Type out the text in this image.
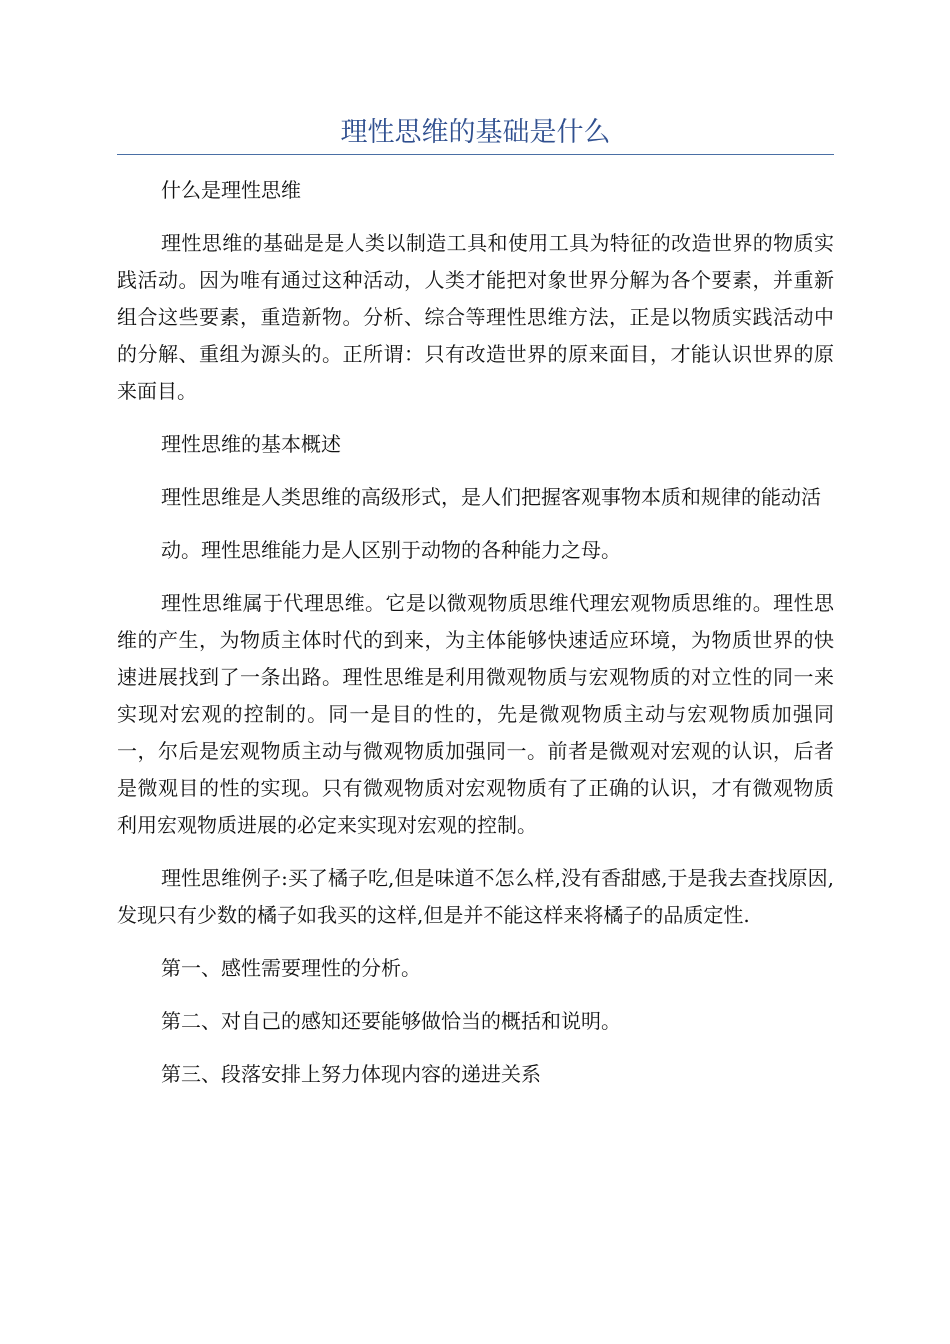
理性思维的基础是什么

什么是理性思维

理性思维的基础是是人类以制造工具和使用工具为特征的改造世界的物质实践活动。因为唯有通过这种活动，人类才能把对象世界分解为各个要素，并重新组合这些要素，重造新物。分析、综合等理性思维方法，正是以物质实践活动中的分解、重组为源头的。正所谓：只有改造世界的原来面目，才能认识世界的原来面目。

理性思维的基本概述

理性思维是人类思维的高级形式，是人们把握客观事物本质和规律的能动活

动。理性思维能力是人区别于动物的各种能力之母。

理性思维属于代理思维。它是以微观物质思维代理宏观物质思维的。理性思维的产生，为物质主体时代的到来，为主体能够快速适应环境，为物质世界的快速进展找到了一条出路。理性思维是利用微观物质与宏观物质的对立性的同一来实现对宏观的控制的。同一是目的性的，先是微观物质主动与宏观物质加强同一，尔后是宏观物质主动与微观物质加强同一。前者是微观对宏观的认识，后者是微观目的性的实现。只有微观物质对宏观物质有了正确的认识，才有微观物质利用宏观物质进展的必定来实现对宏观的控制。

理性思维例子:买了橘子吃,但是味道不怎么样,没有香甜感,于是我去查找原因,发现只有少数的橘子如我买的这样,但是并不能这样来将橘子的品质定性.

第一、感性需要理性的分析。

第二、对自己的感知还要能够做恰当的概括和说明。

第三、段落安排上努力体现内容的递进关系
